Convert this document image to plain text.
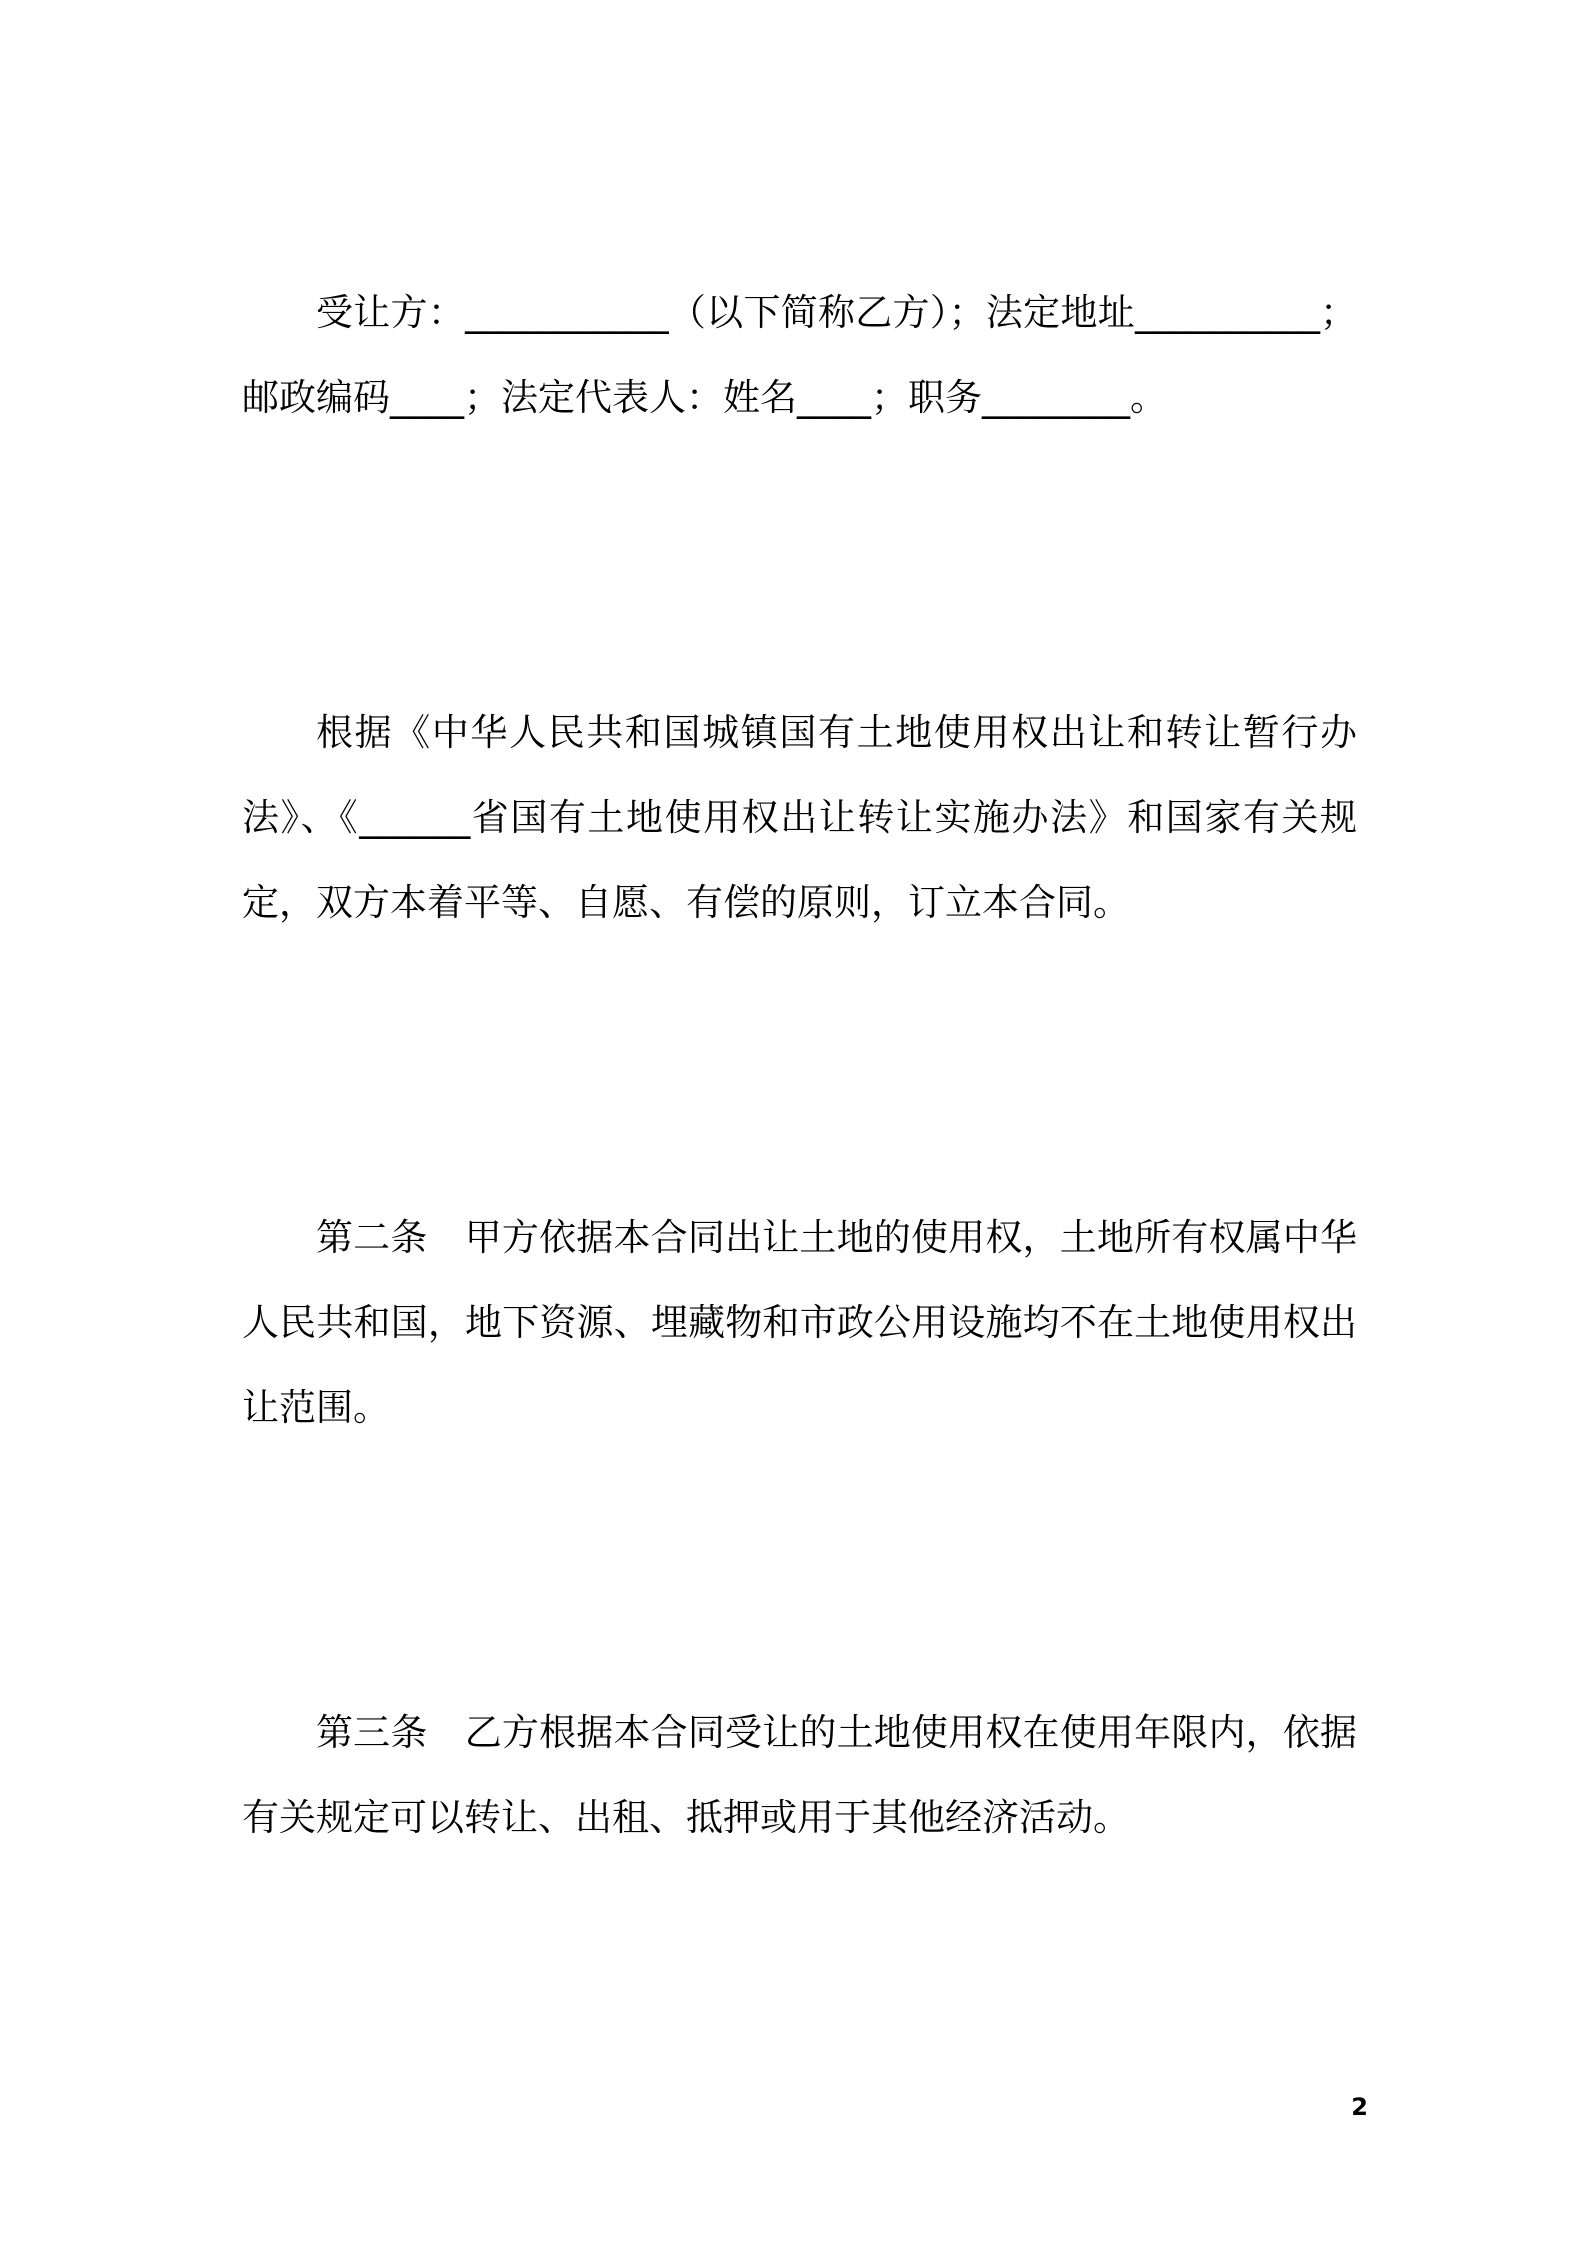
受让方：___________（以下简称乙方）；法定地址__________；邮政编码____；法定代表人：姓名____；职务________。

根据《中华人民共和国城镇国有土地使用权出让和转让暂行办法》、《______省国有土地使用权出让转让实施办法》和国家有关规定，双方本着平等、自愿、有偿的原则，订立本合同。

第二条　甲方依据本合同出让土地的使用权，土地所有权属中华人民共和国，地下资源、埋藏物和市政公用设施均不在土地使用权出让范围。

第三条　乙方根据本合同受让的土地使用权在使用年限内，依据有关规定可以转让、出租、抵押或用于其他经济活动。

2
